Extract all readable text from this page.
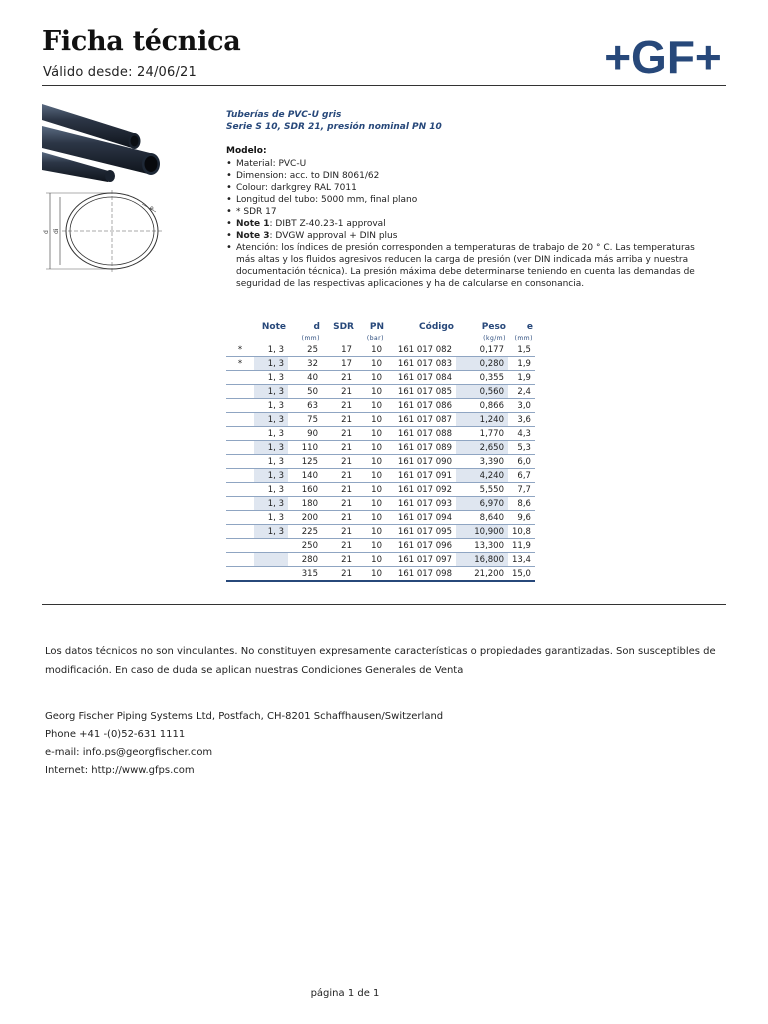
Ficha técnica
Válido desde: 24/06/21	+GF+
d di
e
Tuberías de PVC-U gris
Serie S 10, SDR 21, presión nominal PN 10
Modelo:
• Material: PVC-U
• Dimension: acc. to DIN 8061/62
• Colour: darkgrey RAL 7011
• Longitud del tubo: 5000 mm, final plano
• * SDR 17
• Note 1: DIBT Z-40.23-1 approval
• Note 3: DVGW approval + DIN plus
• Atención: los índices de presión corresponden a temperaturas de trabajo de 20 ° C. Las temperaturas más altas y los fluidos agresivos reducen la carga de presión (ver DIN indicada más arriba y nuestra documentación técnica). La presión máxima debe determinarse teniendo en cuenta las demandas de seguridad de las respectivas aplicaciones y ha de calcularse en consonancia.
	Note	d	SDR	PN	Código	Peso	e
		(mm)		(bar)		(kg/m)	(mm)
*	1, 3	25	17	10	161 017 082	0,177	1,5
*	1, 3	32	17	10	161 017 083	0,280	1,9
	1, 3	40	21	10	161 017 084	0,355	1,9
	1, 3	50	21	10	161 017 085	0,560	2,4
	1, 3	63	21	10	161 017 086	0,866	3,0
	1, 3	75	21	10	161 017 087	1,240	3,6
	1, 3	90	21	10	161 017 088	1,770	4,3
	1, 3	110	21	10	161 017 089	2,650	5,3
	1, 3	125	21	10	161 017 090	3,390	6,0
	1, 3	140	21	10	161 017 091	4,240	6,7
	1, 3	160	21	10	161 017 092	5,550	7,7
	1, 3	180	21	10	161 017 093	6,970	8,6
	1, 3	200	21	10	161 017 094	8,640	9,6
	1, 3	225	21	10	161 017 095	10,900	10,8
		250	21	10	161 017 096	13,300	11,9
		280	21	10	161 017 097	16,800	13,4
		315	21	10	161 017 098	21,200	15,0
Los datos técnicos no son vinculantes. No constituyen expresamente características o propiedades garantizadas. Son susceptibles de modificación. En caso de duda se aplican nuestras Condiciones Generales de Venta
Georg Fischer Piping Systems Ltd, Postfach, CH-8201 Schaffhausen/Switzerland
Phone +41 -(0)52-631 1111
e-mail: info.ps@georgfischer.com
Internet: http://www.gfps.com
página 1 de 1
